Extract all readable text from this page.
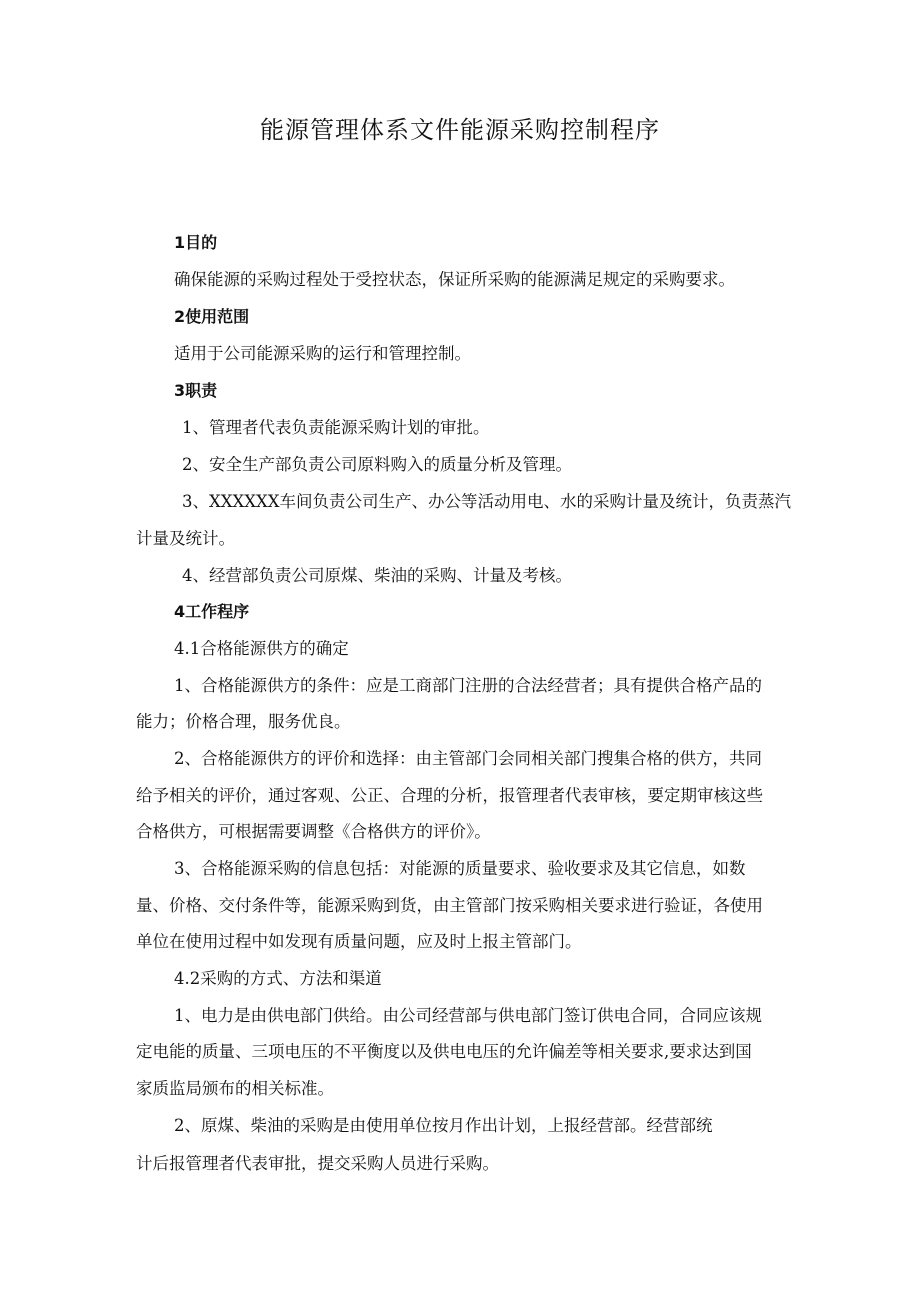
能源管理体系文件能源采购控制程序
1目的
确保能源的采购过程处于受控状态，保证所采购的能源满足规定的采购要求。
2使用范围
适用于公司能源采购的运行和管理控制。
3职责
1、管理者代表负责能源采购计划的审批。
2、安全生产部负责公司原料购入的质量分析及管理。
3、XXXXXX车间负责公司生产、办公等活动用电、水的采购计量及统计，负责蒸汽
计量及统计。
4、经营部负责公司原煤、柴油的采购、计量及考核。
4工作程序
4.1合格能源供方的确定
1、合格能源供方的条件：应是工商部门注册的合法经营者；具有提供合格产品的
能力；价格合理，服务优良。
2、合格能源供方的评价和选择：由主管部门会同相关部门搜集合格的供方，共同
给予相关的评价，通过客观、公正、合理的分析，报管理者代表审核，要定期审核这些
合格供方，可根据需要调整《合格供方的评价》。
3、合格能源采购的信息包括：对能源的质量要求、验收要求及其它信息，如数
量、价格、交付条件等，能源采购到货，由主管部门按采购相关要求进行验证，各使用
单位在使用过程中如发现有质量问题，应及时上报主管部门。
4.2采购的方式、方法和渠道
1、电力是由供电部门供给。由公司经营部与供电部门签订供电合同，合同应该规
定电能的质量、三项电压的不平衡度以及供电电压的允许偏差等相关要求,要求达到国
家质监局颁布的相关标准。
2、原煤、柴油的采购是由使用单位按月作出计划，上报经营部。经营部统
计后报管理者代表审批，提交采购人员进行采购。
